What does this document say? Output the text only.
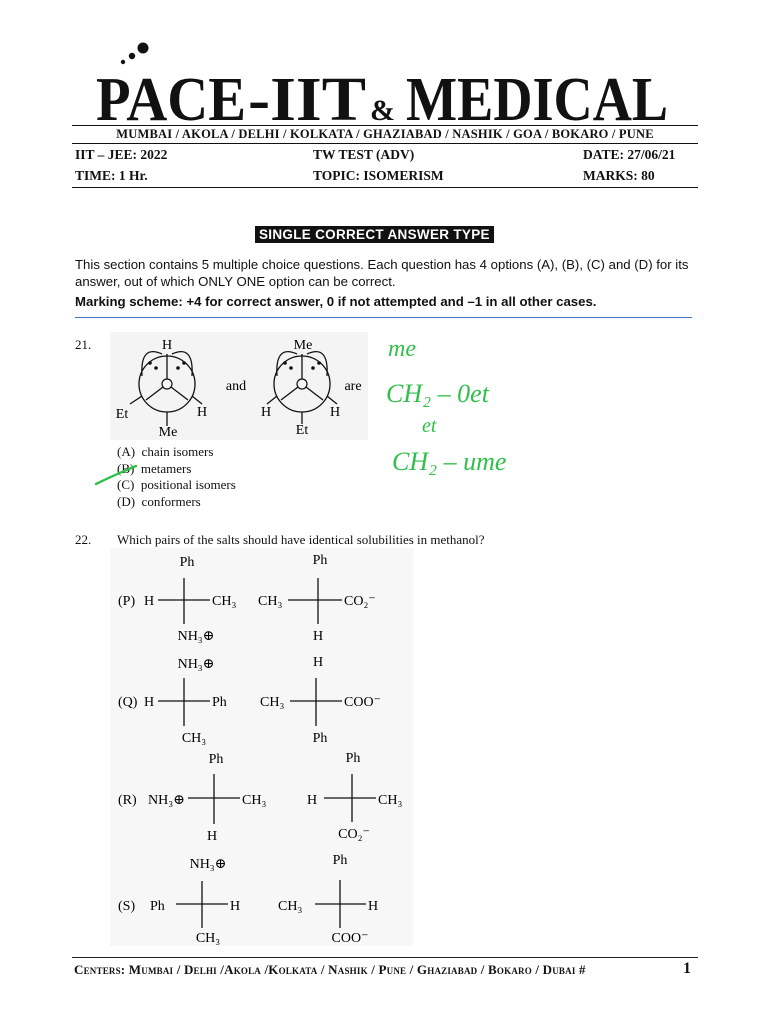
PACE -IIT & MEDICAL
MUMBAI / AKOLA / DELHI / KOLKATA / GHAZIABAD / NASHIK / GOA / BOKARO / PUNE
IIT – JEE: 2022	TW TEST (ADV)	DATE: 27/06/21
TIME: 1 Hr.	TOPIC: ISOMERISM	MARKS: 80
SINGLE CORRECT ANSWER TYPE
This section contains 5 multiple choice questions. Each question has 4 options (A), (B), (C) and (D) for its answer, out of which ONLY ONE option can be correct.
Marking scheme: +4 for correct answer, 0 if not attempted and –1 in all other cases.
21.	H
Et	H
Me
and
Me
H	H
Et
are
(A) chain isomers
(B) metamers
(C) positional isomers
(D) conformers
me
CH₂ – 0et
et
CH₂ – ume
22. Which pairs of the salts should have identical solubilities in methanol?
(P)
Ph
H	CH₃
NH₃⊕
Ph
CH₃	CO₂⁻
H
(Q)
NH₃⊕
H	Ph
CH₃
H
CH₃	COO⁻
Ph
(R)
Ph
NH₃⊕	CH₃
H
Ph
H	CH₃
CO₂⁻
(S)
NH₃⊕
Ph	H
CH₃
Ph
CH₃	H
COO⁻
Centers: Mumbai / Delhi /Akola /Kolkata / Nashik / Pune / Ghaziabad / Bokaro / Dubai #	1
